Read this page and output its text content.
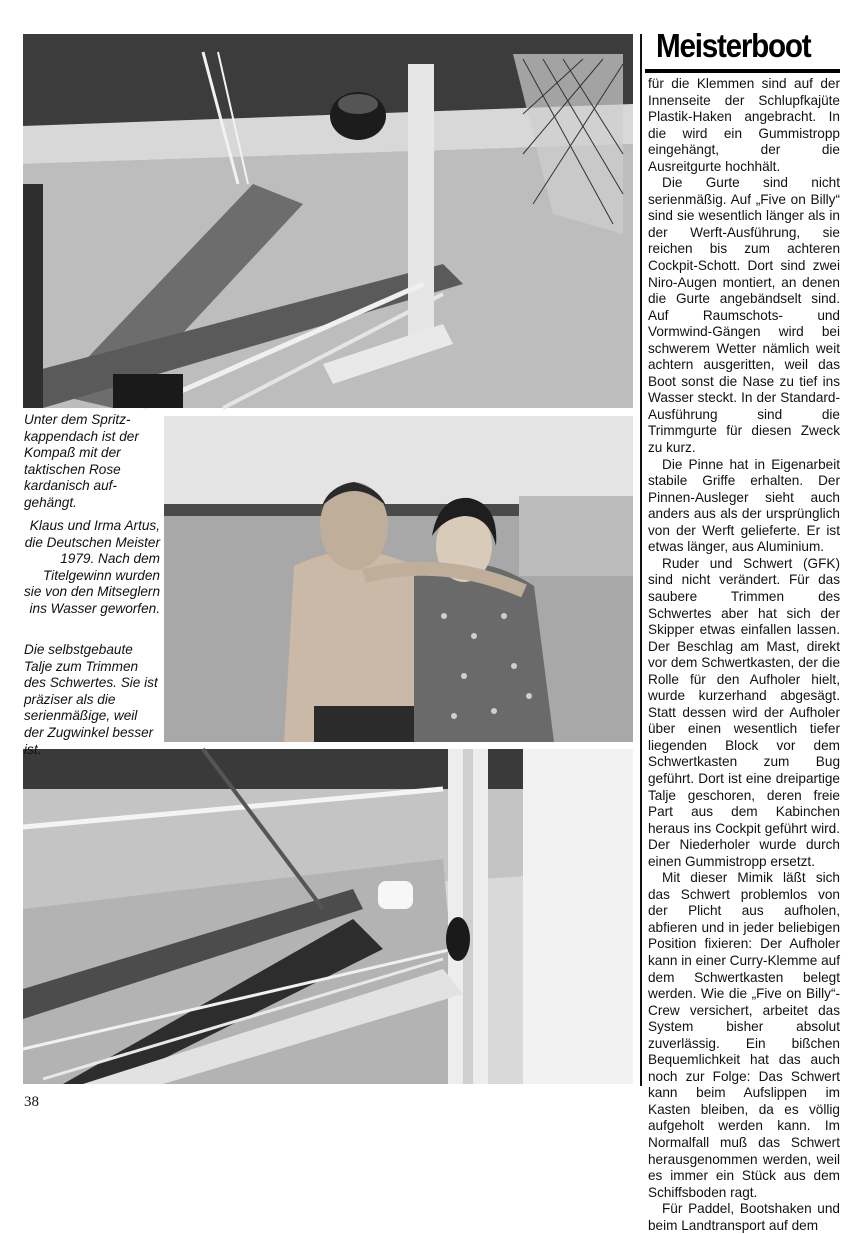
Unter dem Spritz-kappendach ist der Kompaß mit der taktischen Rose kardanisch auf-gehängt.
Klaus und Irma Artus, die Deutschen Meister 1979. Nach dem Titelgewinn wurden sie von den Mitseglern ins Wasser geworfen.
Die selbstgebaute Talje zum Trimmen des Schwertes. Sie ist präziser als die serienmäßige, weil der Zugwinkel besser ist.
Meisterboot

für die Klemmen sind auf der Innenseite der Schlupfkajüte Plastik-Haken angebracht. In die wird ein Gummistropp eingehängt, der die Ausreitgurte hochhält.

Die Gurte sind nicht serienmäßig. Auf „Five on Billy“ sind sie wesentlich länger als in der Werft-Ausführung, sie reichen bis zum achteren Cockpit-Schott. Dort sind zwei Niro-Augen montiert, an denen die Gurte angebändselt sind. Auf Raumschots- und Vormwind-Gängen wird bei schwerem Wetter nämlich weit achtern ausgeritten, weil das Boot sonst die Nase zu tief ins Wasser steckt. In der Standard-Ausführung sind die Trimmgurte für diesen Zweck zu kurz.

Die Pinne hat in Eigenarbeit stabile Griffe erhalten. Der Pinnen-Ausleger sieht auch anders aus als der ursprünglich von der Werft gelieferte. Er ist etwas länger, aus Aluminium.

Ruder und Schwert (GFK) sind nicht verändert. Für das saubere Trimmen des Schwertes aber hat sich der Skipper etwas einfallen lassen. Der Beschlag am Mast, direkt vor dem Schwertkasten, der die Rolle für den Aufholer hielt, wurde kurzerhand abgesägt. Statt dessen wird der Aufholer über einen wesentlich tiefer liegenden Block vor dem Schwertkasten zum Bug geführt. Dort ist eine dreipartige Talje geschoren, deren freie Part aus dem Kabinchen heraus ins Cockpit geführt wird. Der Niederholer wurde durch einen Gummistropp ersetzt.

Mit dieser Mimik läßt sich das Schwert problemlos von der Plicht aus aufholen, abfieren und in jeder beliebigen Position fixieren: Der Aufholer kann in einer Curry-Klemme auf dem Schwertkasten belegt werden. Wie die „Five on Billy“-Crew versichert, arbeitet das System bisher absolut zuverlässig. Ein bißchen Bequemlichkeit hat das auch noch zur Folge: Das Schwert kann beim Aufslippen im Kasten bleiben, da es völlig aufgeholt werden kann. Im Normalfall muß das Schwert herausgenommen werden, weil es immer ein Stück aus dem Schiffsboden ragt.

Für Paddel, Bootshaken und beim Landtransport auf dem

38
